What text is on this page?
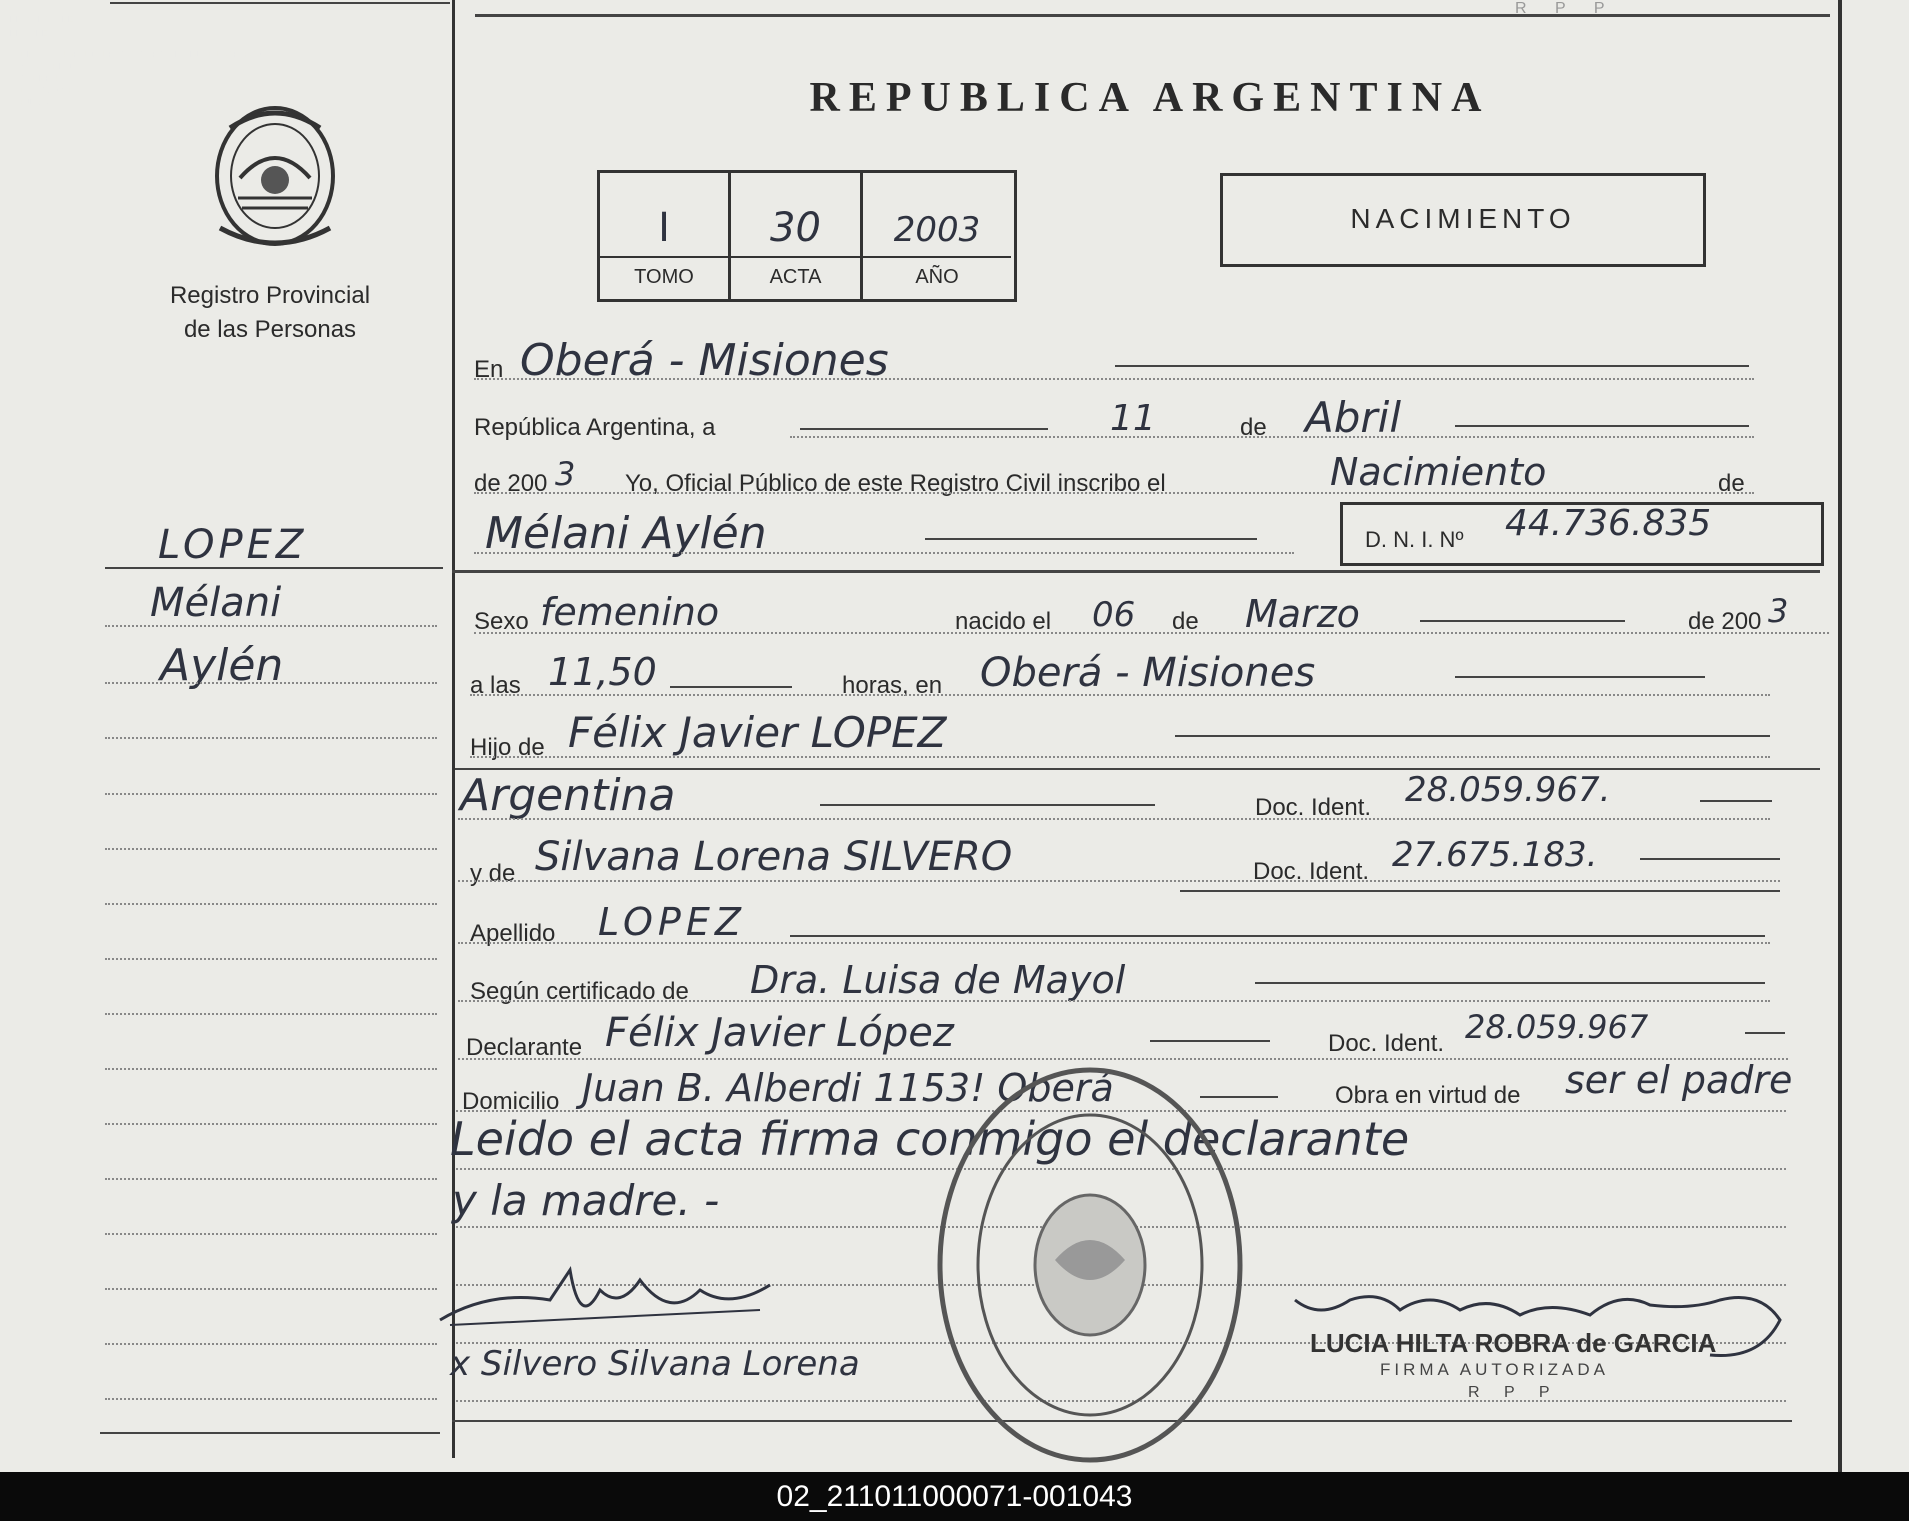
R P P
PROVINCIA DE
MISIONES
Registro Provincial
de las Personas
LOPEZ
Mélani
Aylén
REPUBLICA ARGENTINA
I	30	2003
TOMO	ACTA	AÑO
NACIMIENTO
En Oberá - Misiones
República Argentina, a	11	de Abril
de 200 3 Yo, Oficial Público de este Registro Civil inscribo el	Nacimiento	de
Mélani Aylén	D. N. I. Nº 44.736.835
Sexo femenino	nacido el 06 de Marzo	de 200 3
a las 11,50	horas, en Oberá - Misiones
Hijo de Félix Javier LOPEZ
Argentina	Doc. Ident. 28.059.967.
y de Silvana Lorena SILVERO	Doc. Ident. 27.675.183.
Apellido LOPEZ
Según certificado de Dra. Luisa de Mayol
Declarante Félix Javier López	Doc. Ident. 28.059.967
Domicilio Juan B. Alberdi 1153! Oberá	Obra en virtud de ser el padre
Leido el acta firma conmigo el declarante
y la madre. -
DIRECCION GRAL DEL REGISTRO PROVINCIAL DE LAS PERSONAS
MINISTERIO DE
GOBIERNO
DELEG. OBERÁ
FJLopez
x Silvero Silvana Lorena
LUCIA HILTA ROBRA de GARCIA
FIRMA AUTORIZADA
R P P
02_211011000071-001043
